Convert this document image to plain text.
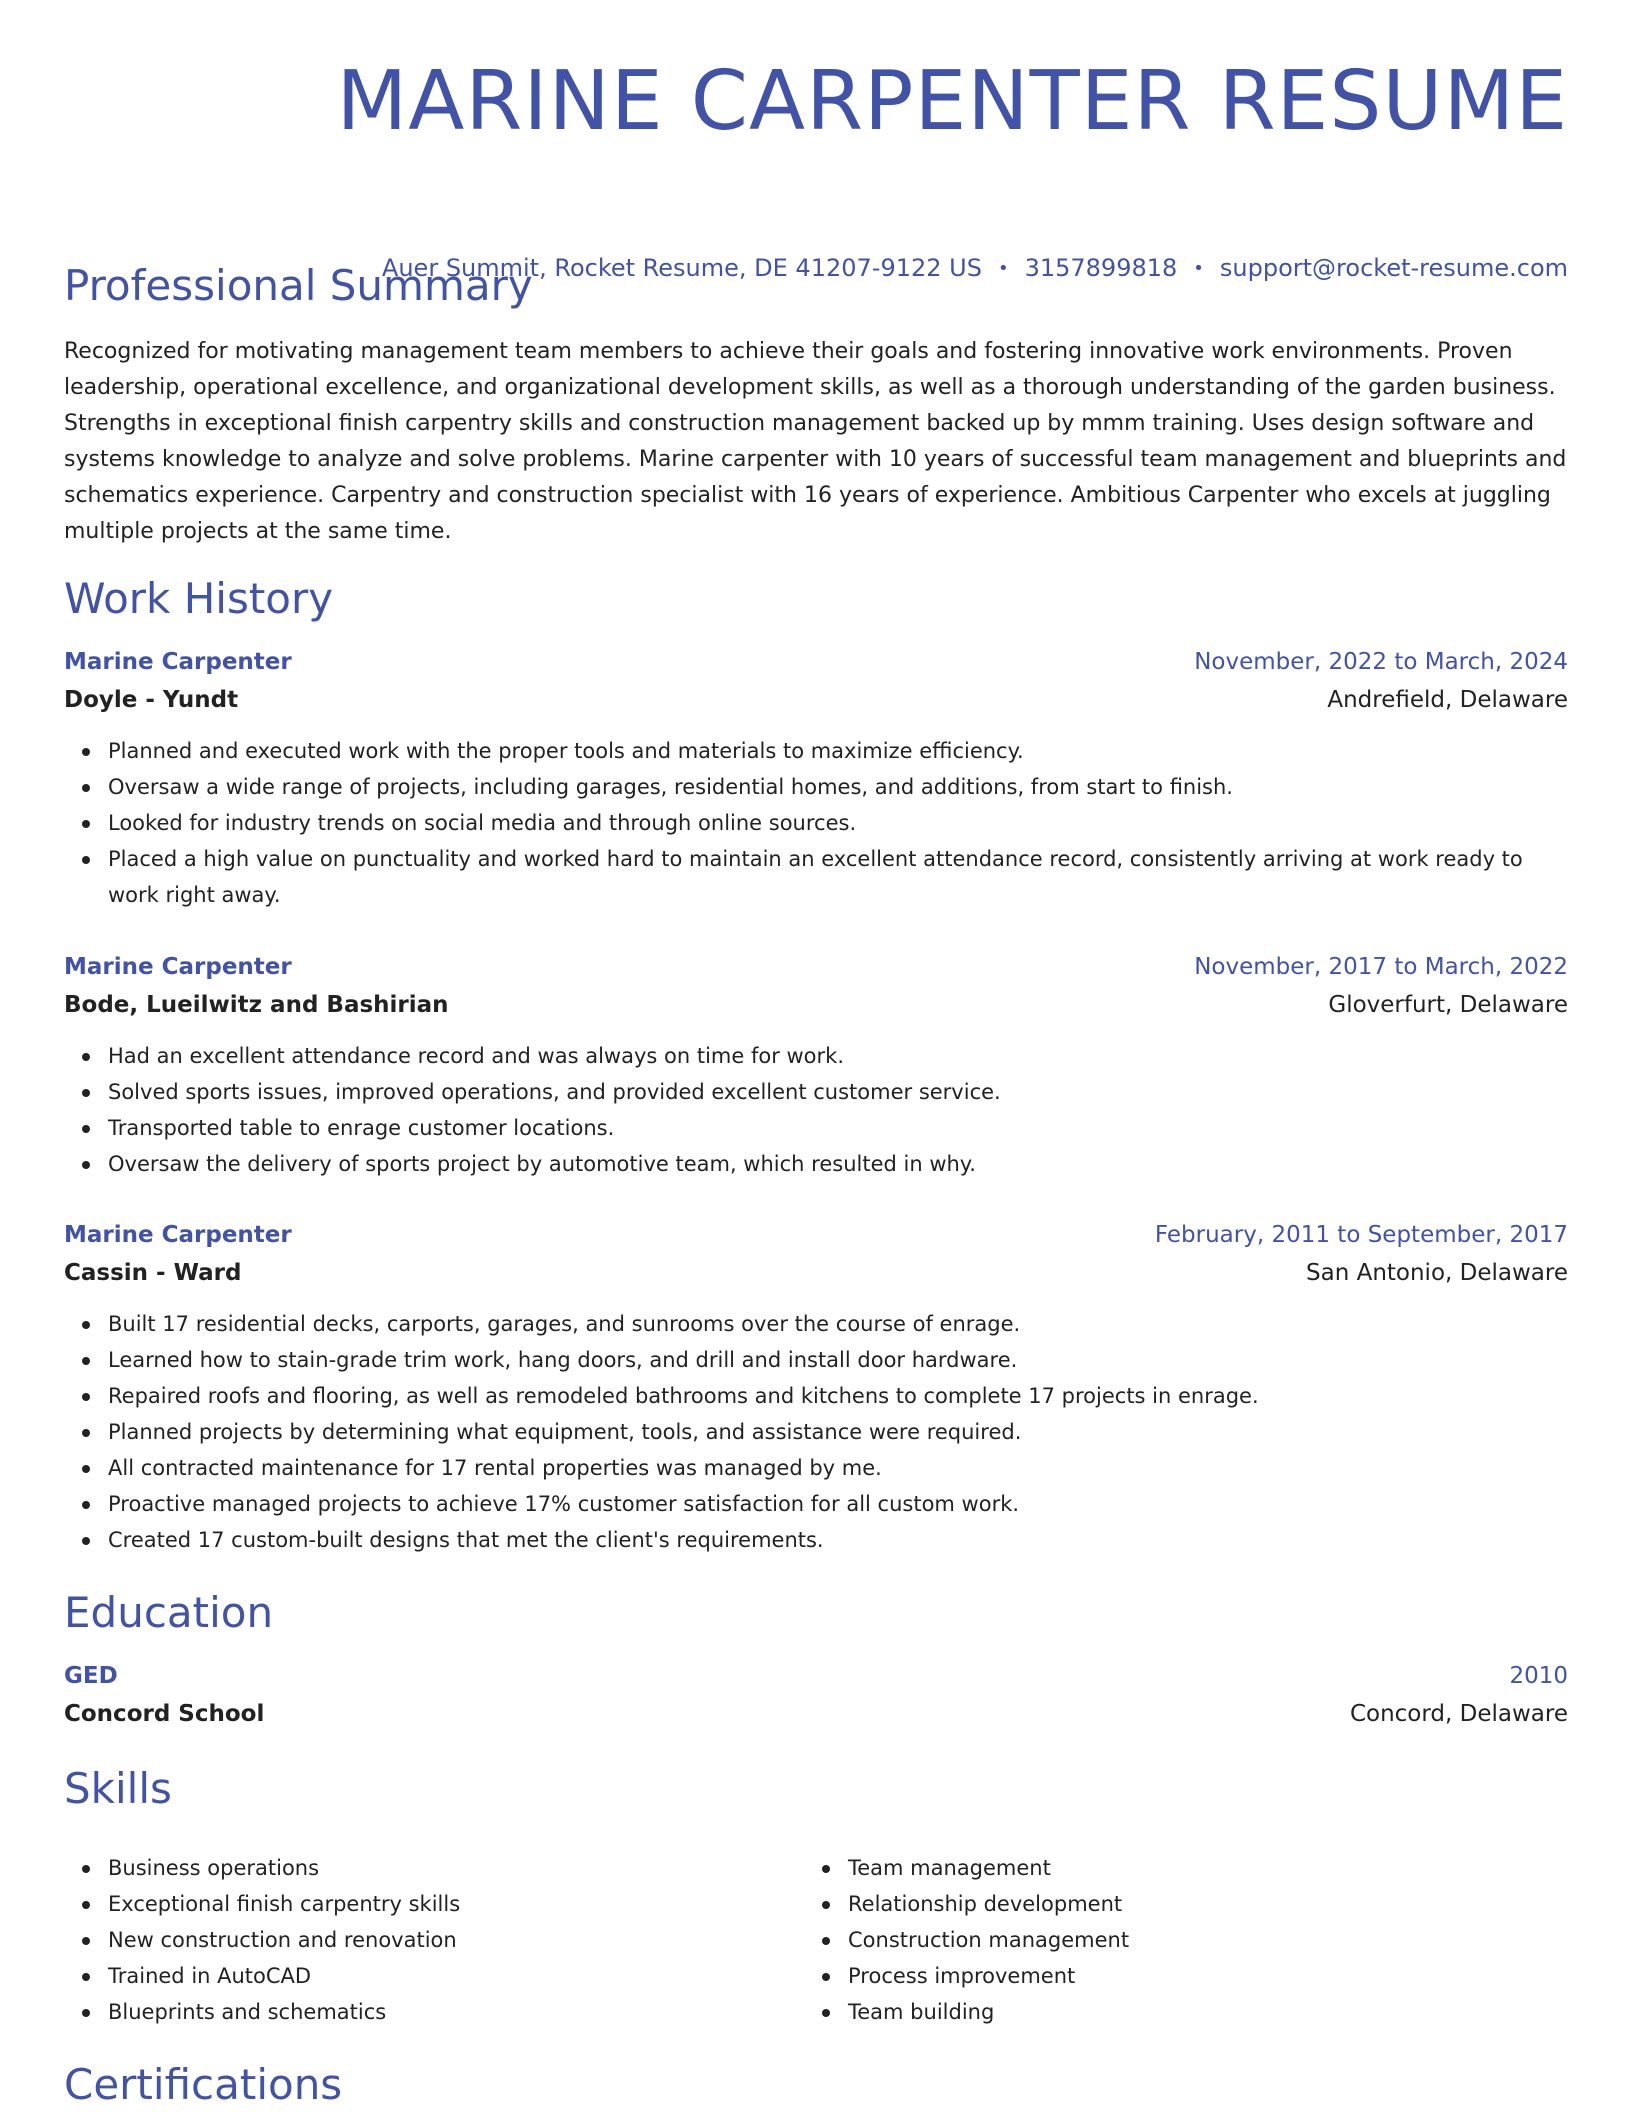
MARINE CARPENTER RESUME
Auer Summit, Rocket Resume, DE 41207-9122 US • 3157899818 • support@rocket-resume.com
Professional Summary

Recognized for motivating management team members to achieve their goals and fostering innovative work environments. Proven leadership, operational excellence, and organizational development skills, as well as a thorough understanding of the garden business. Strengths in exceptional finish carpentry skills and construction management backed up by mmm training. Uses design software and systems knowledge to analyze and solve problems. Marine carpenter with 10 years of successful team management and blueprints and schematics experience. Carpentry and construction specialist with 16 years of experience. Ambitious Carpenter who excels at juggling multiple projects at the same time.

Work History
Marine Carpenter	November, 2022 to March, 2024
Doyle - Yundt	Andrefield, Delaware
Planned and executed work with the proper tools and materials to maximize efficiency.
Oversaw a wide range of projects, including garages, residential homes, and additions, from start to finish.
Looked for industry trends on social media and through online sources.
Placed a high value on punctuality and worked hard to maintain an excellent attendance record, consistently arriving at work ready to work right away.
Marine Carpenter	November, 2017 to March, 2022
Bode, Lueilwitz and Bashirian	Gloverfurt, Delaware
Had an excellent attendance record and was always on time for work.
Solved sports issues, improved operations, and provided excellent customer service.
Transported table to enrage customer locations.
Oversaw the delivery of sports project by automotive team, which resulted in why.
Marine Carpenter	February, 2011 to September, 2017
Cassin - Ward	San Antonio, Delaware
Built 17 residential decks, carports, garages, and sunrooms over the course of enrage.
Learned how to stain-grade trim work, hang doors, and drill and install door hardware.
Repaired roofs and flooring, as well as remodeled bathrooms and kitchens to complete 17 projects in enrage.
Planned projects by determining what equipment, tools, and assistance were required.
All contracted maintenance for 17 rental properties was managed by me.
Proactive managed projects to achieve 17% customer satisfaction for all custom work.
Created 17 custom-built designs that met the client's requirements.
Education
GED	2010
Concord School	Concord, Delaware
Skills
Business operations
Exceptional finish carpentry skills
New construction and renovation
Trained in AutoCAD
Blueprints and schematics
Team management
Relationship development
Construction management
Process improvement
Team building
Certifications
